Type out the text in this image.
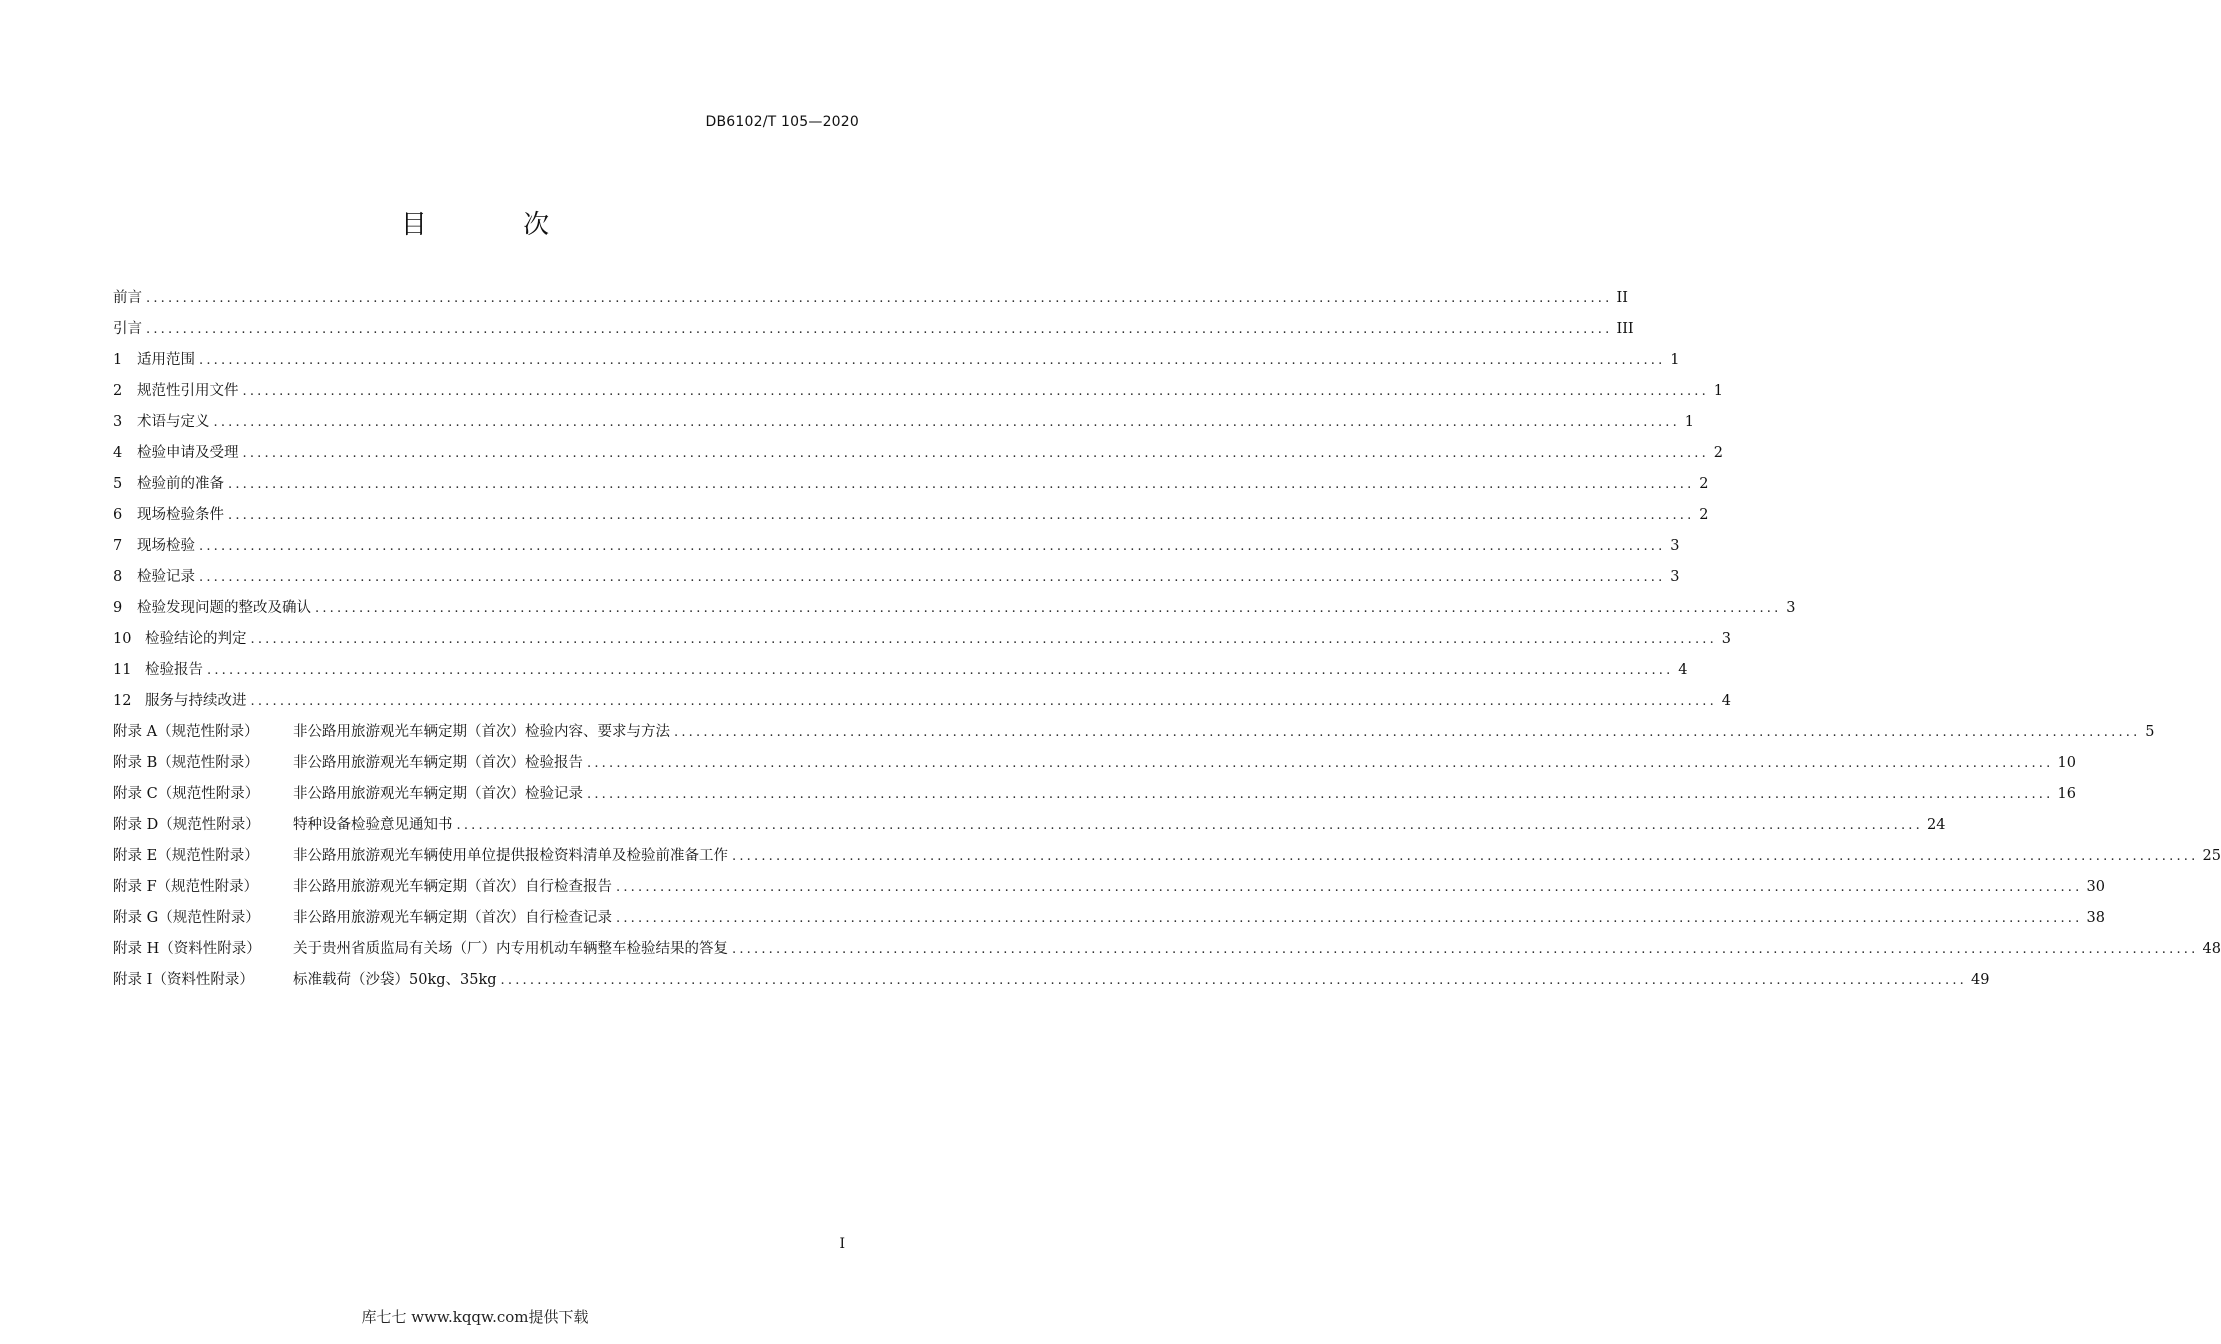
DB6102/T 105—2020
目 次
前言 ........................................................................................................................................................................................................ II
引言 ........................................................................................................................................................................................................ III
1	适用范围 ........................................................................................................................................................................................................ 1
2	规范性引用文件 ........................................................................................................................................................................................................ 1
3	术语与定义 ........................................................................................................................................................................................................ 1
4	检验申请及受理 ........................................................................................................................................................................................................ 2
5	检验前的准备 ........................................................................................................................................................................................................ 2
6	现场检验条件 ........................................................................................................................................................................................................ 2
7	现场检验 ........................................................................................................................................................................................................ 3
8	检验记录 ........................................................................................................................................................................................................ 3
9	检验发现问题的整改及确认 ........................................................................................................................................................................................................ 3
10 检验结论的判定 ........................................................................................................................................................................................................ 3
11 检验报告 ........................................................................................................................................................................................................ 4
12 服务与持续改进 ........................................................................................................................................................................................................ 4
附录 A（规范性附录）	非公路用旅游观光车辆定期（首次）检验内容、要求与方法 ........................................................................................................................................................................................................ 5
附录 B（规范性附录）	非公路用旅游观光车辆定期（首次）检验报告 ........................................................................................................................................................................................................ 10
附录 C（规范性附录）	非公路用旅游观光车辆定期（首次）检验记录 ........................................................................................................................................................................................................ 16
附录 D（规范性附录）	特种设备检验意见通知书 ........................................................................................................................................................................................................ 24
附录 E（规范性附录）	非公路用旅游观光车辆使用单位提供报检资料清单及检验前准备工作 ........................................................................................................................................................................................................ 25
附录 F（规范性附录）	非公路用旅游观光车辆定期（首次）自行检查报告 ........................................................................................................................................................................................................ 30
附录 G（规范性附录）	非公路用旅游观光车辆定期（首次）自行检查记录 ........................................................................................................................................................................................................ 38
附录 H（资料性附录）	关于贵州省质监局有关场（厂）内专用机动车辆整车检验结果的答复 ........................................................................................................................................................................................................ 48
附录 I（资料性附录）	标准载荷（沙袋）50kg、35kg ........................................................................................................................................................................................................ 49
I
库七七 www.kqqw.com提供下载
